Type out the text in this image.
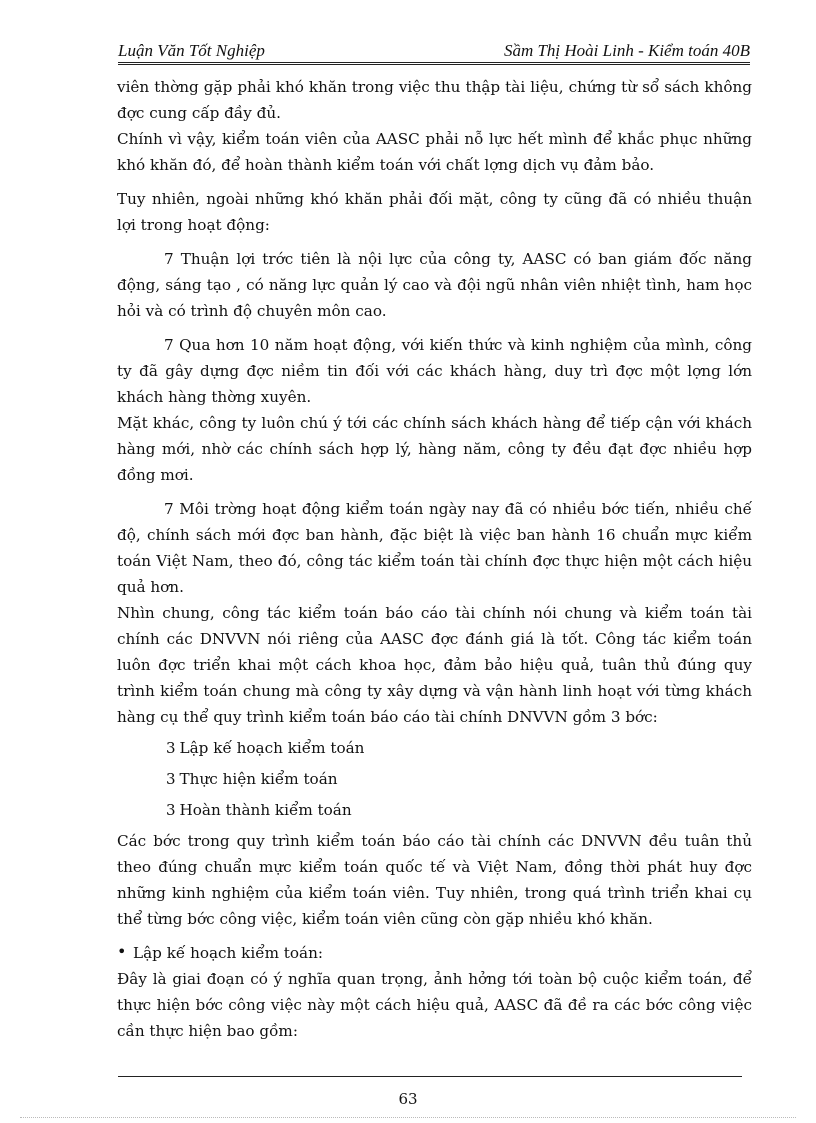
Luận Văn Tốt Nghiệp	Sầm Thị Hoài Linh - Kiểm toán 40B

viên thờng gặp phải khó khăn trong việc thu thập tài liệu, chứng từ sổ sách không đợc cung cấp đầy đủ.

Chính vì vậy, kiểm toán viên của AASC phải nỗ lực hết mình để khắc phục những khó khăn đó, để hoàn thành kiểm toán với chất lợng dịch vụ đảm bảo.

Tuy nhiên, ngoài những khó khăn phải đối mặt, công ty cũng đã có nhiều thuận lợi trong hoạt động:

7 Thuận lợi trớc tiên là nội lực của công ty, AASC có ban giám đốc năng động, sáng tạo , có năng lực quản lý cao và đội ngũ nhân viên nhiệt tình, ham học hỏi và có trình độ chuyên môn cao.

7 Qua hơn 10 năm hoạt động, với kiến thức và kinh nghiệm của mình, công ty đã gây dựng đợc niềm tin đối với các khách hàng, duy trì đợc một lợng lớn khách hàng thờng xuyên.

Mặt khác, công ty luôn chú ý tới các chính sách khách hàng để tiếp cận với khách hàng mới, nhờ các chính sách hợp lý, hàng năm, công ty đều đạt đợc nhiều hợp đồng mơi.

7 Môi trờng hoạt động kiểm toán ngày nay đã có nhiều bớc tiến, nhiều chế độ, chính sách mới đợc ban hành, đặc biệt là việc ban hành 16 chuẩn mực kiểm toán Việt Nam, theo đó, công tác kiểm toán tài chính đợc thực hiện một cách hiệu quả hơn.

Nhìn chung, công tác kiểm toán báo cáo tài chính nói chung và kiểm toán tài chính các DNVVN nói riêng của AASC đợc đánh giá là tốt. Công tác kiểm toán luôn đợc triển khai một cách khoa học, đảm bảo hiệu quả, tuân thủ đúng quy trình kiểm toán chung mà công ty xây dựng và vận hành linh hoạt với từng khách hàng cụ thể quy trình kiểm toán báo cáo tài chính DNVVN gồm 3 bớc:

3 Lập kế hoạch kiểm toán

3 Thực hiện kiểm toán

3 Hoàn thành kiểm toán

Các bớc trong quy trình kiểm toán báo cáo tài chính các DNVVN đều tuân thủ theo đúng chuẩn mực kiểm toán quốc tế và Việt Nam, đồng thời phát huy đợc những kinh nghiệm của kiểm toán viên. Tuy nhiên, trong quá trình triển khai cụ thể từng bớc công việc, kiểm toán viên cũng còn gặp nhiều khó khăn.

• Lập kế hoạch kiểm toán:

Đây là giai đoạn có ý nghĩa quan trọng, ảnh hởng tới toàn bộ cuộc kiểm toán, để thực hiện bớc công việc này một cách hiệu quả, AASC đã đề ra các bớc công việc cần thực hiện bao gồm:

63
